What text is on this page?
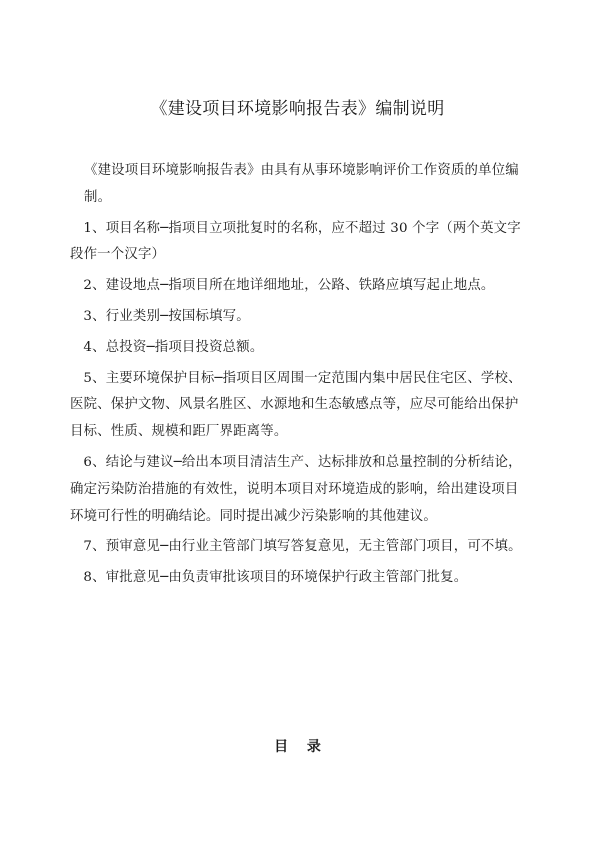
《建设项目环境影响报告表》编制说明

《建设项目环境影响报告表》由具有从事环境影响评价工作资质的单位编制。

1、项目名称─指项目立项批复时的名称，应不超过 30 个字（两个英文字段作一个汉字）

2、建设地点─指项目所在地详细地址，公路、铁路应填写起止地点。

3、行业类别─按国标填写。

4、总投资─指项目投资总额。

5、主要环境保护目标─指项目区周围一定范围内集中居民住宅区、学校、医院、保护文物、风景名胜区、水源地和生态敏感点等，应尽可能给出保护目标、性质、规模和距厂界距离等。

6、结论与建议─给出本项目清洁生产、达标排放和总量控制的分析结论，确定污染防治措施的有效性，说明本项目对环境造成的影响，给出建设项目环境可行性的明确结论。同时提出减少污染影响的其他建议。

7、预审意见─由行业主管部门填写答复意见，无主管部门项目，可不填。

8、审批意见─由负责审批该项目的环境保护行政主管部门批复。

目 录
